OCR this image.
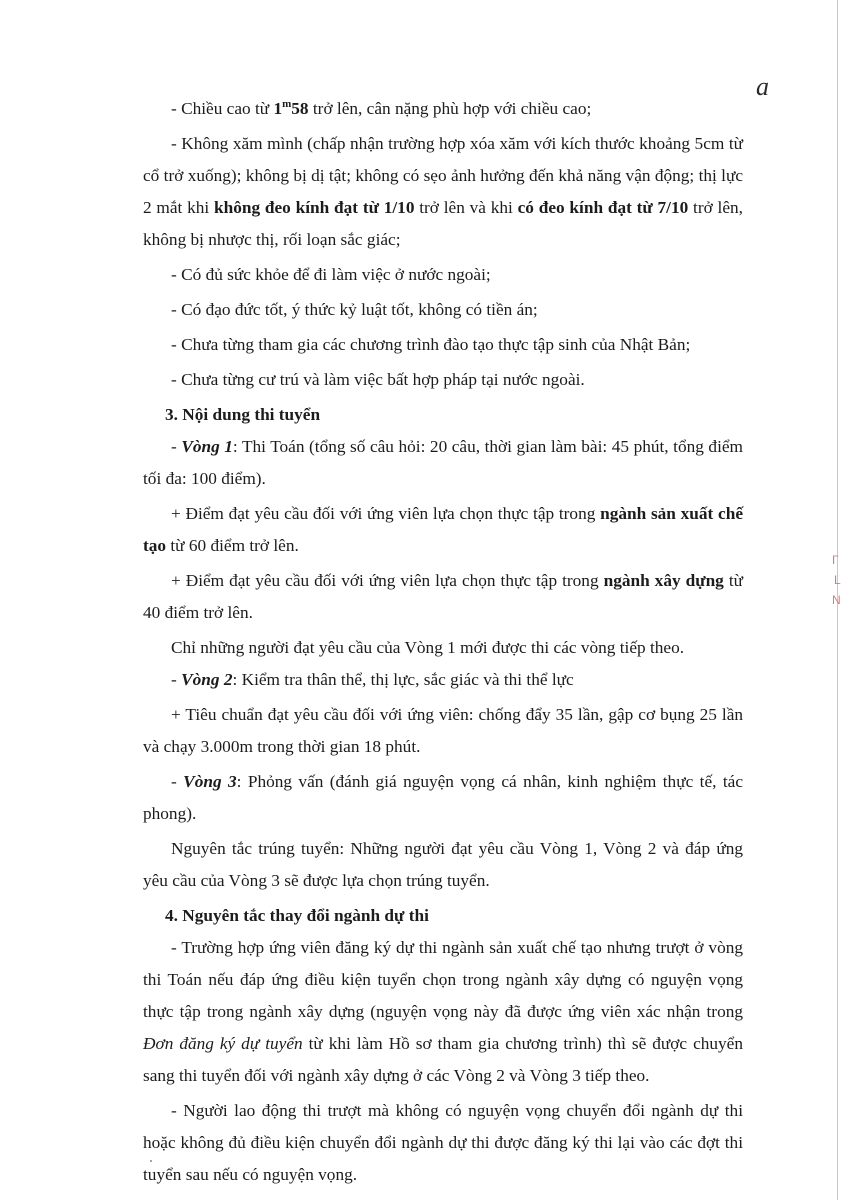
a
Γ
L
N

- Chiều cao từ 1$^m$58 trở lên, cân nặng phù hợp với chiều cao;

- Không xăm mình (chấp nhận trường hợp xóa xăm với kích thước khoảng 5cm từ cổ trở xuống); không bị dị tật; không có sẹo ảnh hưởng đến khả năng vận động; thị lực 2 mắt khi không đeo kính đạt từ 1/10 trở lên và khi có đeo kính đạt từ 7/10 trở lên, không bị nhược thị, rối loạn sắc giác;

- Có đủ sức khỏe để đi làm việc ở nước ngoài;

- Có đạo đức tốt, ý thức kỷ luật tốt, không có tiền án;

- Chưa từng tham gia các chương trình đào tạo thực tập sinh của Nhật Bản;

- Chưa từng cư trú và làm việc bất hợp pháp tại nước ngoài.

3. Nội dung thi tuyển

- Vòng 1: Thi Toán (tổng số câu hỏi: 20 câu, thời gian làm bài: 45 phút, tổng điểm tối đa: 100 điểm).

+ Điểm đạt yêu cầu đối với ứng viên lựa chọn thực tập trong ngành sản xuất chế tạo từ 60 điểm trở lên.

+ Điểm đạt yêu cầu đối với ứng viên lựa chọn thực tập trong ngành xây dựng từ 40 điểm trở lên.

Chỉ những người đạt yêu cầu của Vòng 1 mới được thi các vòng tiếp theo.

- Vòng 2: Kiểm tra thân thể, thị lực, sắc giác và thi thể lực

+ Tiêu chuẩn đạt yêu cầu đối với ứng viên: chống đẩy 35 lần, gập cơ bụng 25 lần và chạy 3.000m trong thời gian 18 phút.

- Vòng 3: Phỏng vấn (đánh giá nguyện vọng cá nhân, kinh nghiệm thực tế, tác phong).

Nguyên tắc trúng tuyển: Những người đạt yêu cầu Vòng 1, Vòng 2 và đáp ứng yêu cầu của Vòng 3 sẽ được lựa chọn trúng tuyển.

4. Nguyên tắc thay đổi ngành dự thi

- Trường hợp ứng viên đăng ký dự thi ngành sản xuất chế tạo nhưng trượt ở vòng thi Toán nếu đáp ứng điều kiện tuyển chọn trong ngành xây dựng có nguyện vọng thực tập trong ngành xây dựng (nguyện vọng này đã được ứng viên xác nhận trong Đơn đăng ký dự tuyển từ khi làm Hồ sơ tham gia chương trình) thì sẽ được chuyển sang thi tuyển đối với ngành xây dựng ở các Vòng 2 và Vòng 3 tiếp theo.

- Người lao động thi trượt mà không có nguyện vọng chuyển đổi ngành dự thi hoặc không đủ điều kiện chuyển đổi ngành dự thi được đăng ký thi lại vào các đợt thi tuyển sau nếu có nguyện vọng.
